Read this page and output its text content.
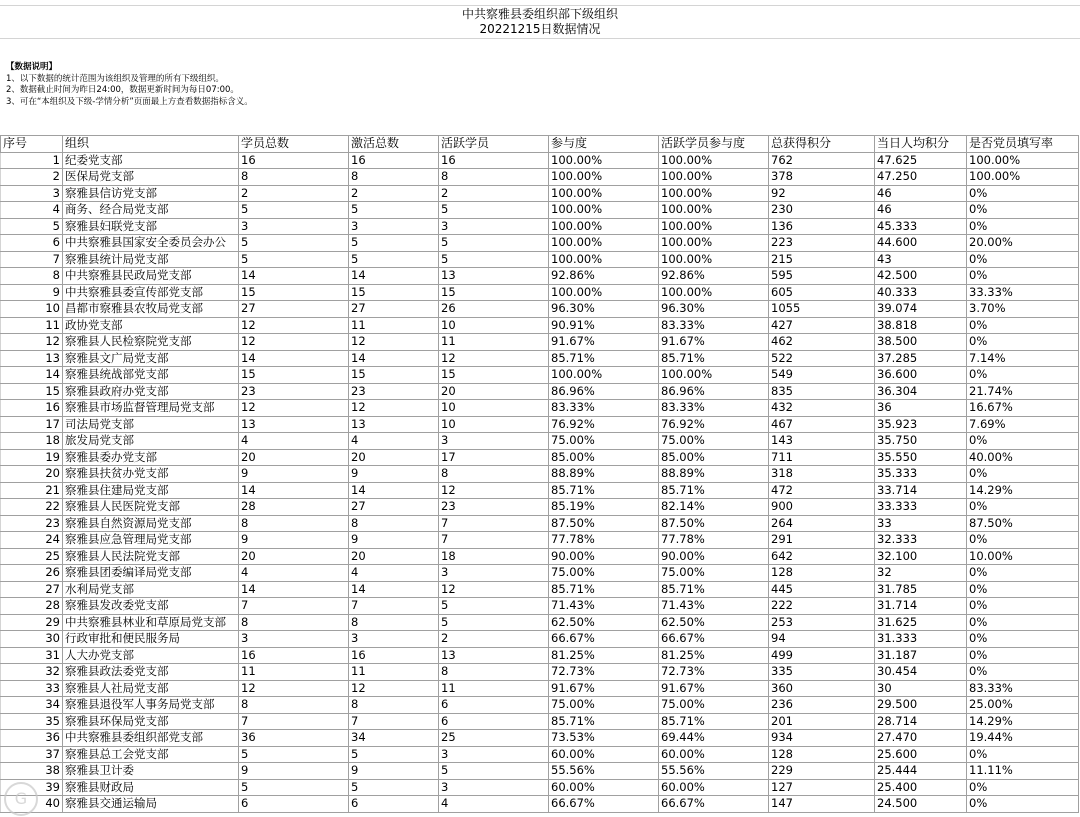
中共察雅县委组织部下级组织
20221215日数据情况
【数据说明】
1、以下数据的统计范围为该组织及管理的所有下级组织。
2、数据截止时间为昨日24:00，数据更新时间为每日07:00。
3、可在“本组织及下级-学情分析”页面最上方查看数据指标含义。
序号	组织	学员总数	激活总数	活跃学员	参与度	活跃学员参与度	总获得积分	当日人均积分	是否党员填写率
1	纪委党支部	16	16	16	100.00%	100.00%	762	47.625	100.00%
2	医保局党支部	8	8	8	100.00%	100.00%	378	47.250	100.00%
3	察雅县信访党支部	2	2	2	100.00%	100.00%	92	46	0%
4	商务、经合局党支部	5	5	5	100.00%	100.00%	230	46	0%
5	察雅县妇联党支部	3	3	3	100.00%	100.00%	136	45.333	0%
6	中共察雅县国家安全委员会办公	5	5	5	100.00%	100.00%	223	44.600	20.00%
7	察雅县统计局党支部	5	5	5	100.00%	100.00%	215	43	0%
8	中共察雅县民政局党支部	14	14	13	92.86%	92.86%	595	42.500	0%
9	中共察雅县委宣传部党支部	15	15	15	100.00%	100.00%	605	40.333	33.33%
10	昌都市察雅县农牧局党支部	27	27	26	96.30%	96.30%	1055	39.074	3.70%
11	政协党支部	12	11	10	90.91%	83.33%	427	38.818	0%
12	察雅县人民检察院党支部	12	12	11	91.67%	91.67%	462	38.500	0%
13	察雅县文广局党支部	14	14	12	85.71%	85.71%	522	37.285	7.14%
14	察雅县统战部党支部	15	15	15	100.00%	100.00%	549	36.600	0%
15	察雅县政府办党支部	23	23	20	86.96%	86.96%	835	36.304	21.74%
16	察雅县市场监督管理局党支部	12	12	10	83.33%	83.33%	432	36	16.67%
17	司法局党支部	13	13	10	76.92%	76.92%	467	35.923	7.69%
18	旅发局党支部	4	4	3	75.00%	75.00%	143	35.750	0%
19	察雅县委办党支部	20	20	17	85.00%	85.00%	711	35.550	40.00%
20	察雅县扶贫办党支部	9	9	8	88.89%	88.89%	318	35.333	0%
21	察雅县住建局党支部	14	14	12	85.71%	85.71%	472	33.714	14.29%
22	察雅县人民医院党支部	28	27	23	85.19%	82.14%	900	33.333	0%
23	察雅县自然资源局党支部	8	8	7	87.50%	87.50%	264	33	87.50%
24	察雅县应急管理局党支部	9	9	7	77.78%	77.78%	291	32.333	0%
25	察雅县人民法院党支部	20	20	18	90.00%	90.00%	642	32.100	10.00%
26	察雅县团委编译局党支部	4	4	3	75.00%	75.00%	128	32	0%
27	水利局党支部	14	14	12	85.71%	85.71%	445	31.785	0%
28	察雅县发改委党支部	7	7	5	71.43%	71.43%	222	31.714	0%
29	中共察雅县林业和草原局党支部	8	8	5	62.50%	62.50%	253	31.625	0%
30	行政审批和便民服务局	3	3	2	66.67%	66.67%	94	31.333	0%
31	人大办党支部	16	16	13	81.25%	81.25%	499	31.187	0%
32	察雅县政法委党支部	11	11	8	72.73%	72.73%	335	30.454	0%
33	察雅县人社局党支部	12	12	11	91.67%	91.67%	360	30	83.33%
34	察雅县退役军人事务局党支部	8	8	6	75.00%	75.00%	236	29.500	25.00%
35	察雅县环保局党支部	7	7	6	85.71%	85.71%	201	28.714	14.29%
36	中共察雅县委组织部党支部	36	34	25	73.53%	69.44%	934	27.470	19.44%
37	察雅县总工会党支部	5	5	3	60.00%	60.00%	128	25.600	0%
38	察雅县卫计委	9	9	5	55.56%	55.56%	229	25.444	11.11%
39	察雅县财政局	5	5	3	60.00%	60.00%	127	25.400	0%
40	察雅县交通运输局	6	6	4	66.67%	66.67%	147	24.500	0%
G
